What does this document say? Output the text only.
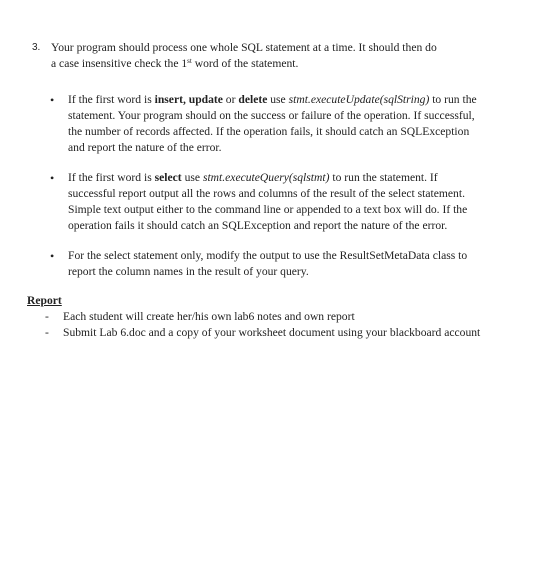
3. Your program should process one whole SQL statement at a time. It should then do
a case insensitive check the 1st word of the statement.
• If the first word is insert, update or delete use stmt.executeUpdate(sqlString) to run the statement. Your program should on the success or failure of the operation. If successful, the number of records affected. If the operation fails, it should catch an SQLException and report the nature of the error.

• If the first word is select use stmt.executeQuery(sqlstmt) to run the statement. If successful report output all the rows and columns of the result of the select statement. Simple text output either to the command line or appended to a text box will do. If the operation fails it should catch an SQLException and report the nature of the error.

• For the select statement only, modify the output to use the ResultSetMetaData class to report the column names in the result of your query.

Report

- Each student will create her/his own lab6 notes and own report
- Submit Lab 6.doc and a copy of your worksheet document using your blackboard account
